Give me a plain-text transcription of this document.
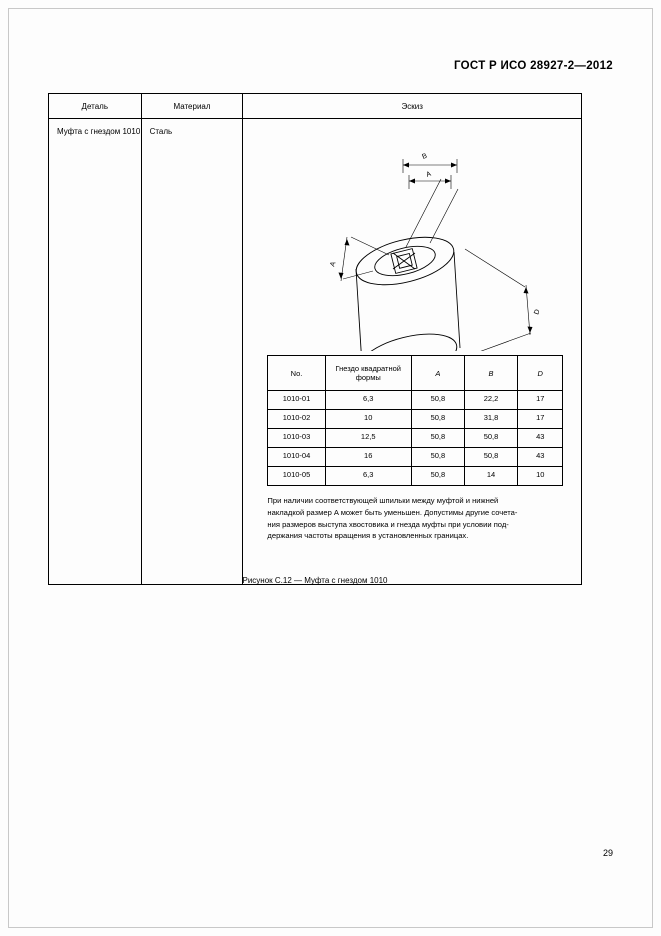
ГОСТ Р ИСО 28927-2—2012
Деталь	Материал	Эскиз
Муфта с гнездом 1010	Сталь	
B
A
A
D
No.	Гнездо квадратной формы	A	B	D
1010-01	6,3	50,8	22,2	17
1010-02	10	50,8	31,8	17
1010-03	12,5	50,8	50,8	43
1010-04	16	50,8	50,8	43
1010-05	6,3	50,8	14	10
При наличии соответствующей шпильки между муфтой и нижней
накладкой размер A может быть уменьшен. Допустимы другие сочета-
ния размеров выступа хвостовика и гнезда муфты при условии под-
держания частоты вращения в установленных границах.
Рисунок С.12 — Муфта с гнездом 1010
29
